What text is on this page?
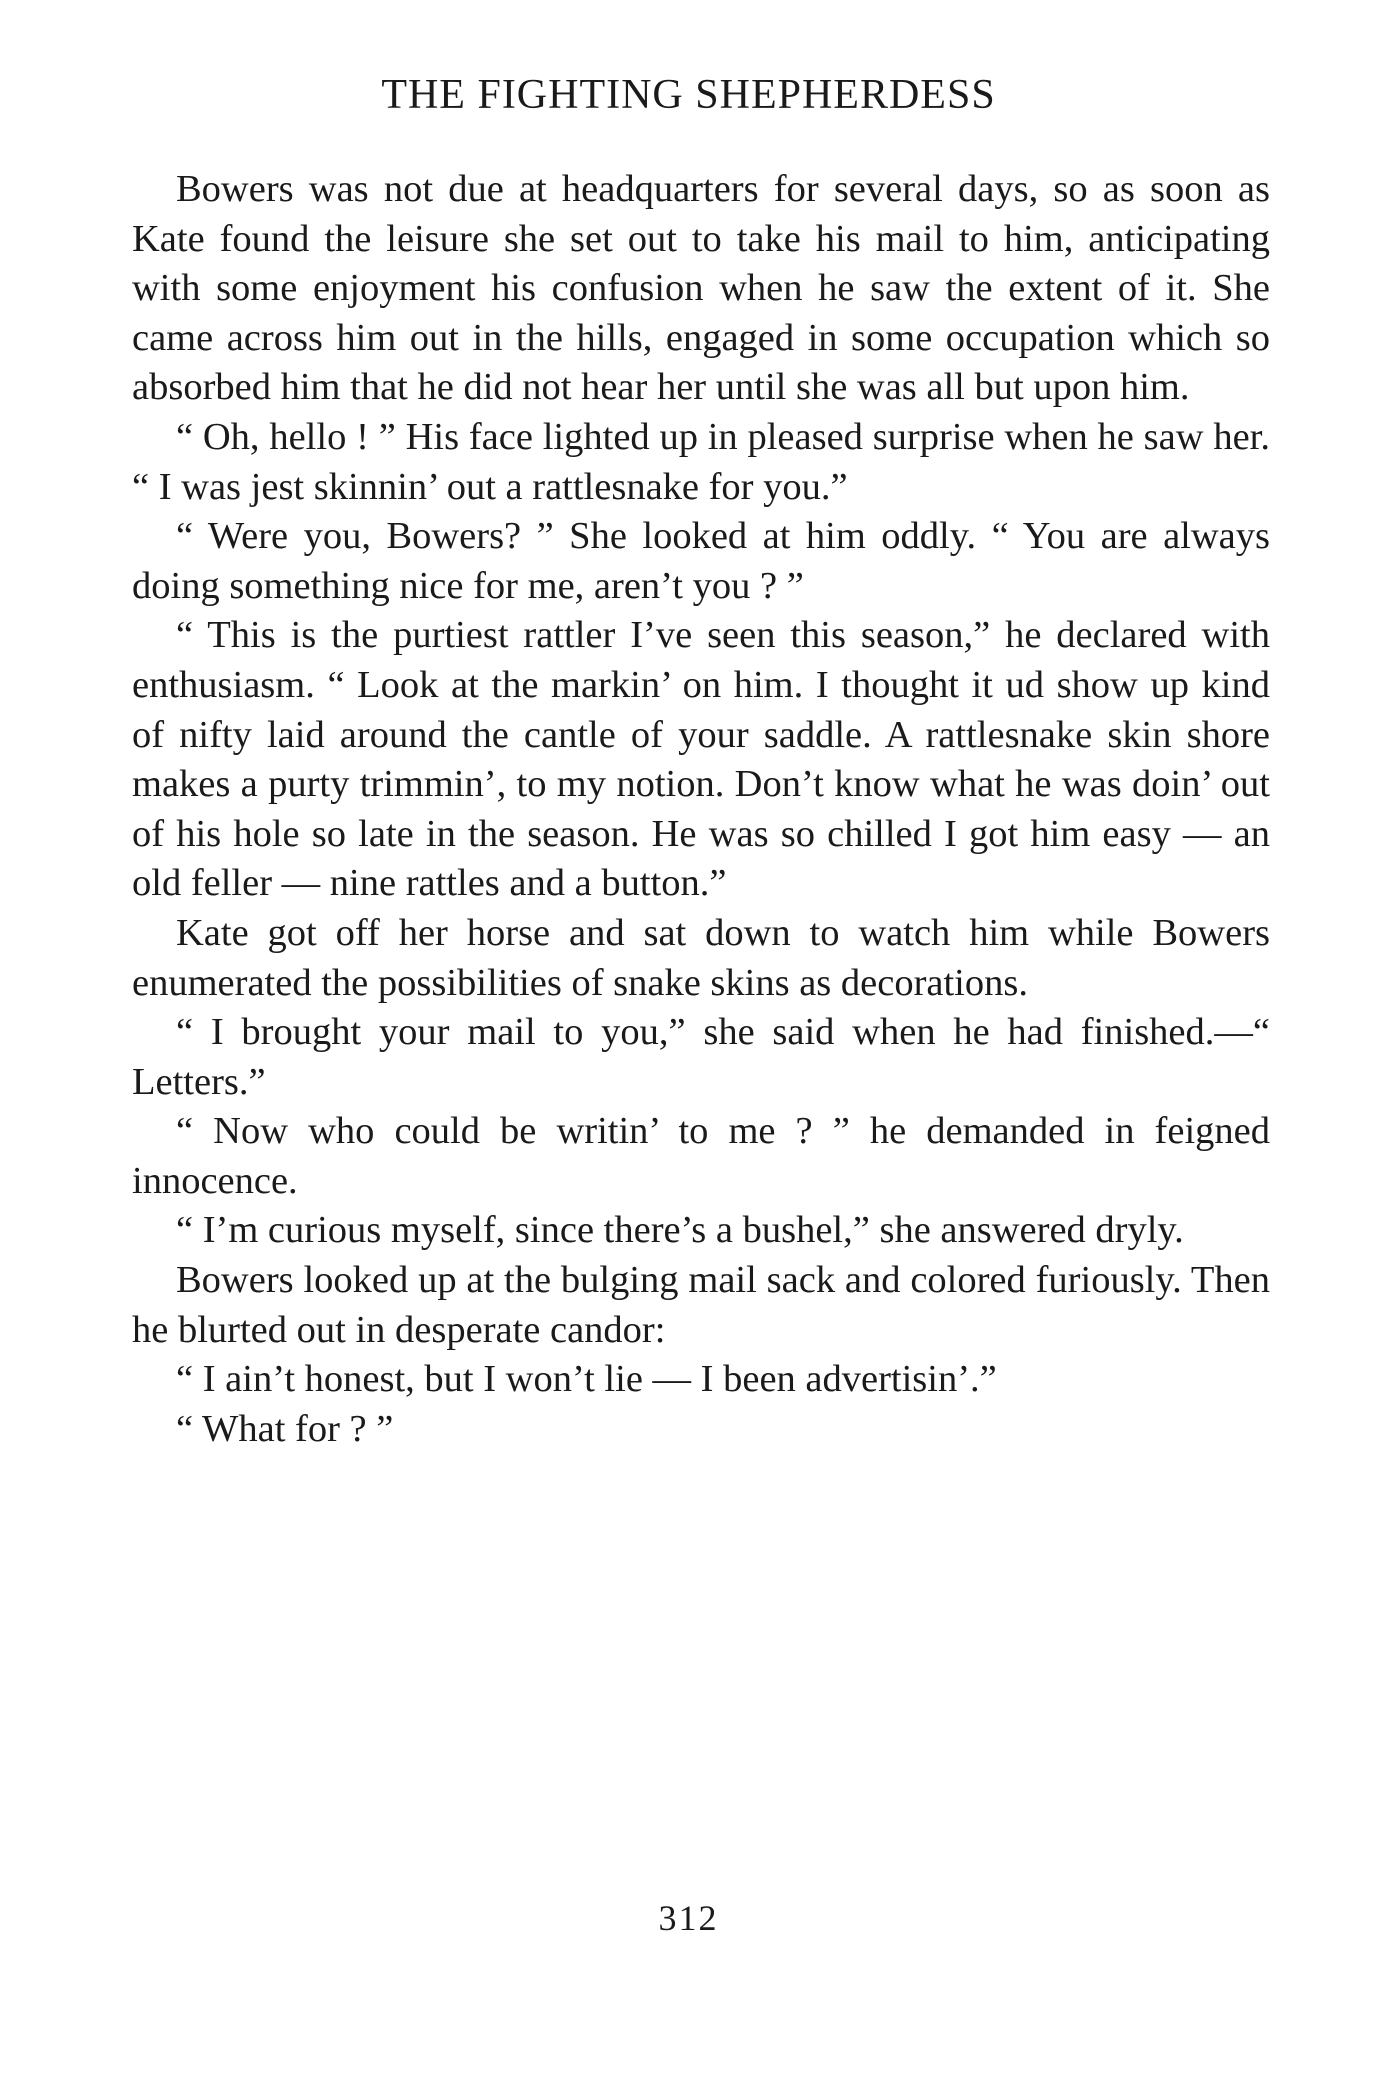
THE FIGHTING SHEPHERDESS

Bowers was not due at headquarters for several days, so as soon as Kate found the leisure she set out to take his mail to him, anticipating with some enjoyment his confusion when he saw the extent of it. She came across him out in the hills, engaged in some occupation which so absorbed him that he did not hear her until she was all but upon him.

“ Oh, hello ! ” His face lighted up in pleased surprise when he saw her. “ I was jest skinnin’ out a rattlesnake for you.”

“ Were you, Bowers? ” She looked at him oddly. “ You are always doing something nice for me, aren’t you ? ”

“ This is the purtiest rattler I’ve seen this season,” he declared with enthusiasm. “ Look at the markin’ on him. I thought it ud show up kind of nifty laid around the cantle of your saddle. A rattlesnake skin shore makes a purty trimmin’, to my notion. Don’t know what he was doin’ out of his hole so late in the season. He was so chilled I got him easy — an old feller — nine rattles and a button.”

Kate got off her horse and sat down to watch him while Bowers enumerated the possibilities of snake skins as decorations.

“ I brought your mail to you,” she said when he had finished.—“ Letters.”

“ Now who could be writin’ to me ? ” he demanded in feigned innocence.

“ I’m curious myself, since there’s a bushel,” she answered dryly.

Bowers looked up at the bulging mail sack and colored furiously. Then he blurted out in desperate candor:

“ I ain’t honest, but I won’t lie — I been advertisin’.”

“ What for ? ”

312
